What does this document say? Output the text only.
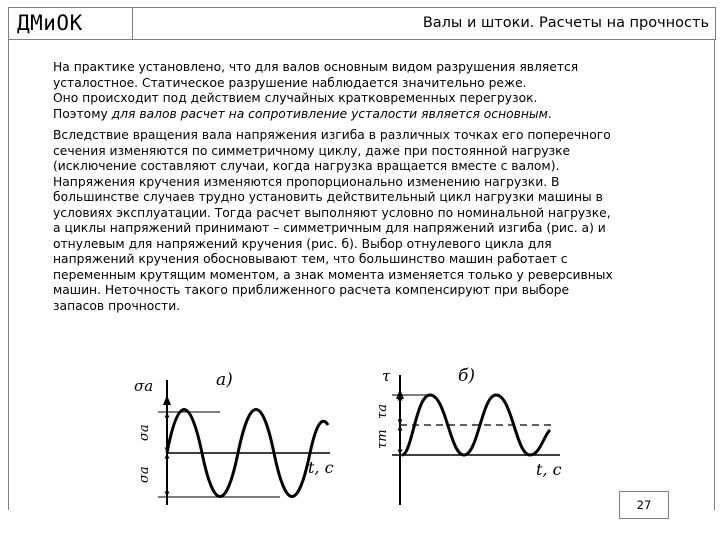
ДМиОК	Валы и штоки. Расчеты на прочность

На практике установлено, что для валов основным видом разрушения является

усталостное. Статическое разрушение наблюдается значительно реже.

Оно происходит под действием случайных кратковременных перегрузок.

Поэтому для валов расчет на сопротивление усталости является основным.

Вследствие вращения вала напряжения изгиба в различных точках его поперечного

сечения изменяются по симметричному циклу, даже при постоянной нагрузке

(исключение составляют случаи, когда нагрузка вращается вместе с валом).

Напряжения кручения изменяются пропорционально изменению нагрузки. В

большинстве случаев трудно установить действительный цикл нагрузки машины в

условиях эксплуатации. Тогда расчет выполняют условно по номинальной нагрузке,

а циклы напряжений принимают – симметричным для напряжений изгиба (рис. а) и

отнулевым для напряжений кручения (рис. б). Выбор отнулевого цикла для

напряжений кручения обосновывают тем, что большинство машин работает с

переменным крутящим моментом, а знак момента изменяется только у реверсивных

машин. Неточность такого приближенного расчета компенсируют при выборе

запасов прочности.

σa	а)
σa
σa	t, c
τ	б)
τa
τm
t, c
27
